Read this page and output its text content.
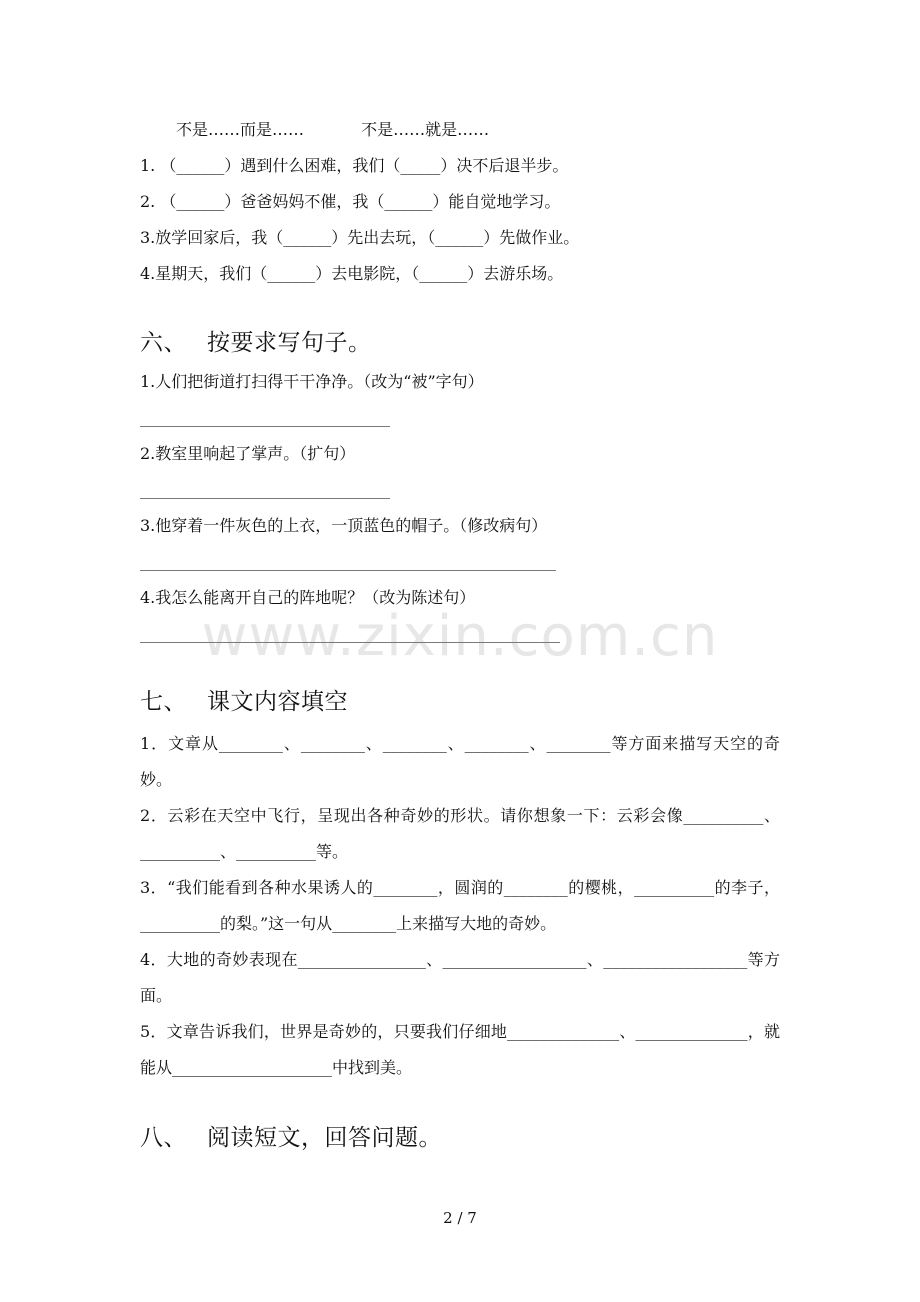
www.zixin.com.cn
不是……而是……	不是……就是……
1. （______）遇到什么困难，我们（_____）决不后退半步。
2. （______）爸爸妈妈不催，我（______）能自觉地学习。
3.放学回家后，我（______）先出去玩，（______）先做作业。
4.星期天，我们（______）去电影院，（______）去游乐场。
六、 按要求写句子。
1.人们把街道打扫得干干净净。（改为“被”字句）
2.教室里响起了掌声。（扩句）
3.他穿着一件灰色的上衣，一顶蓝色的帽子。（修改病句）
4.我怎么能离开自己的阵地呢？（改为陈述句）
七、 课文内容填空
1．文章从________、________、________、________、________等方面来描写天空的奇妙。
2．云彩在天空中飞行，呈现出各种奇妙的形状。请你想象一下：云彩会像__________、__________、__________等。
3．“我们能看到各种水果诱人的________，圆润的________的樱桃，__________的李子，__________的梨。”这一句从________上来描写大地的奇妙。
4．大地的奇妙表现在________________、__________________、__________________等方面。
5．文章告诉我们，世界是奇妙的，只要我们仔细地______________、______________，就能从____________________中找到美。
八、 阅读短文，回答问题。
2 / 7
